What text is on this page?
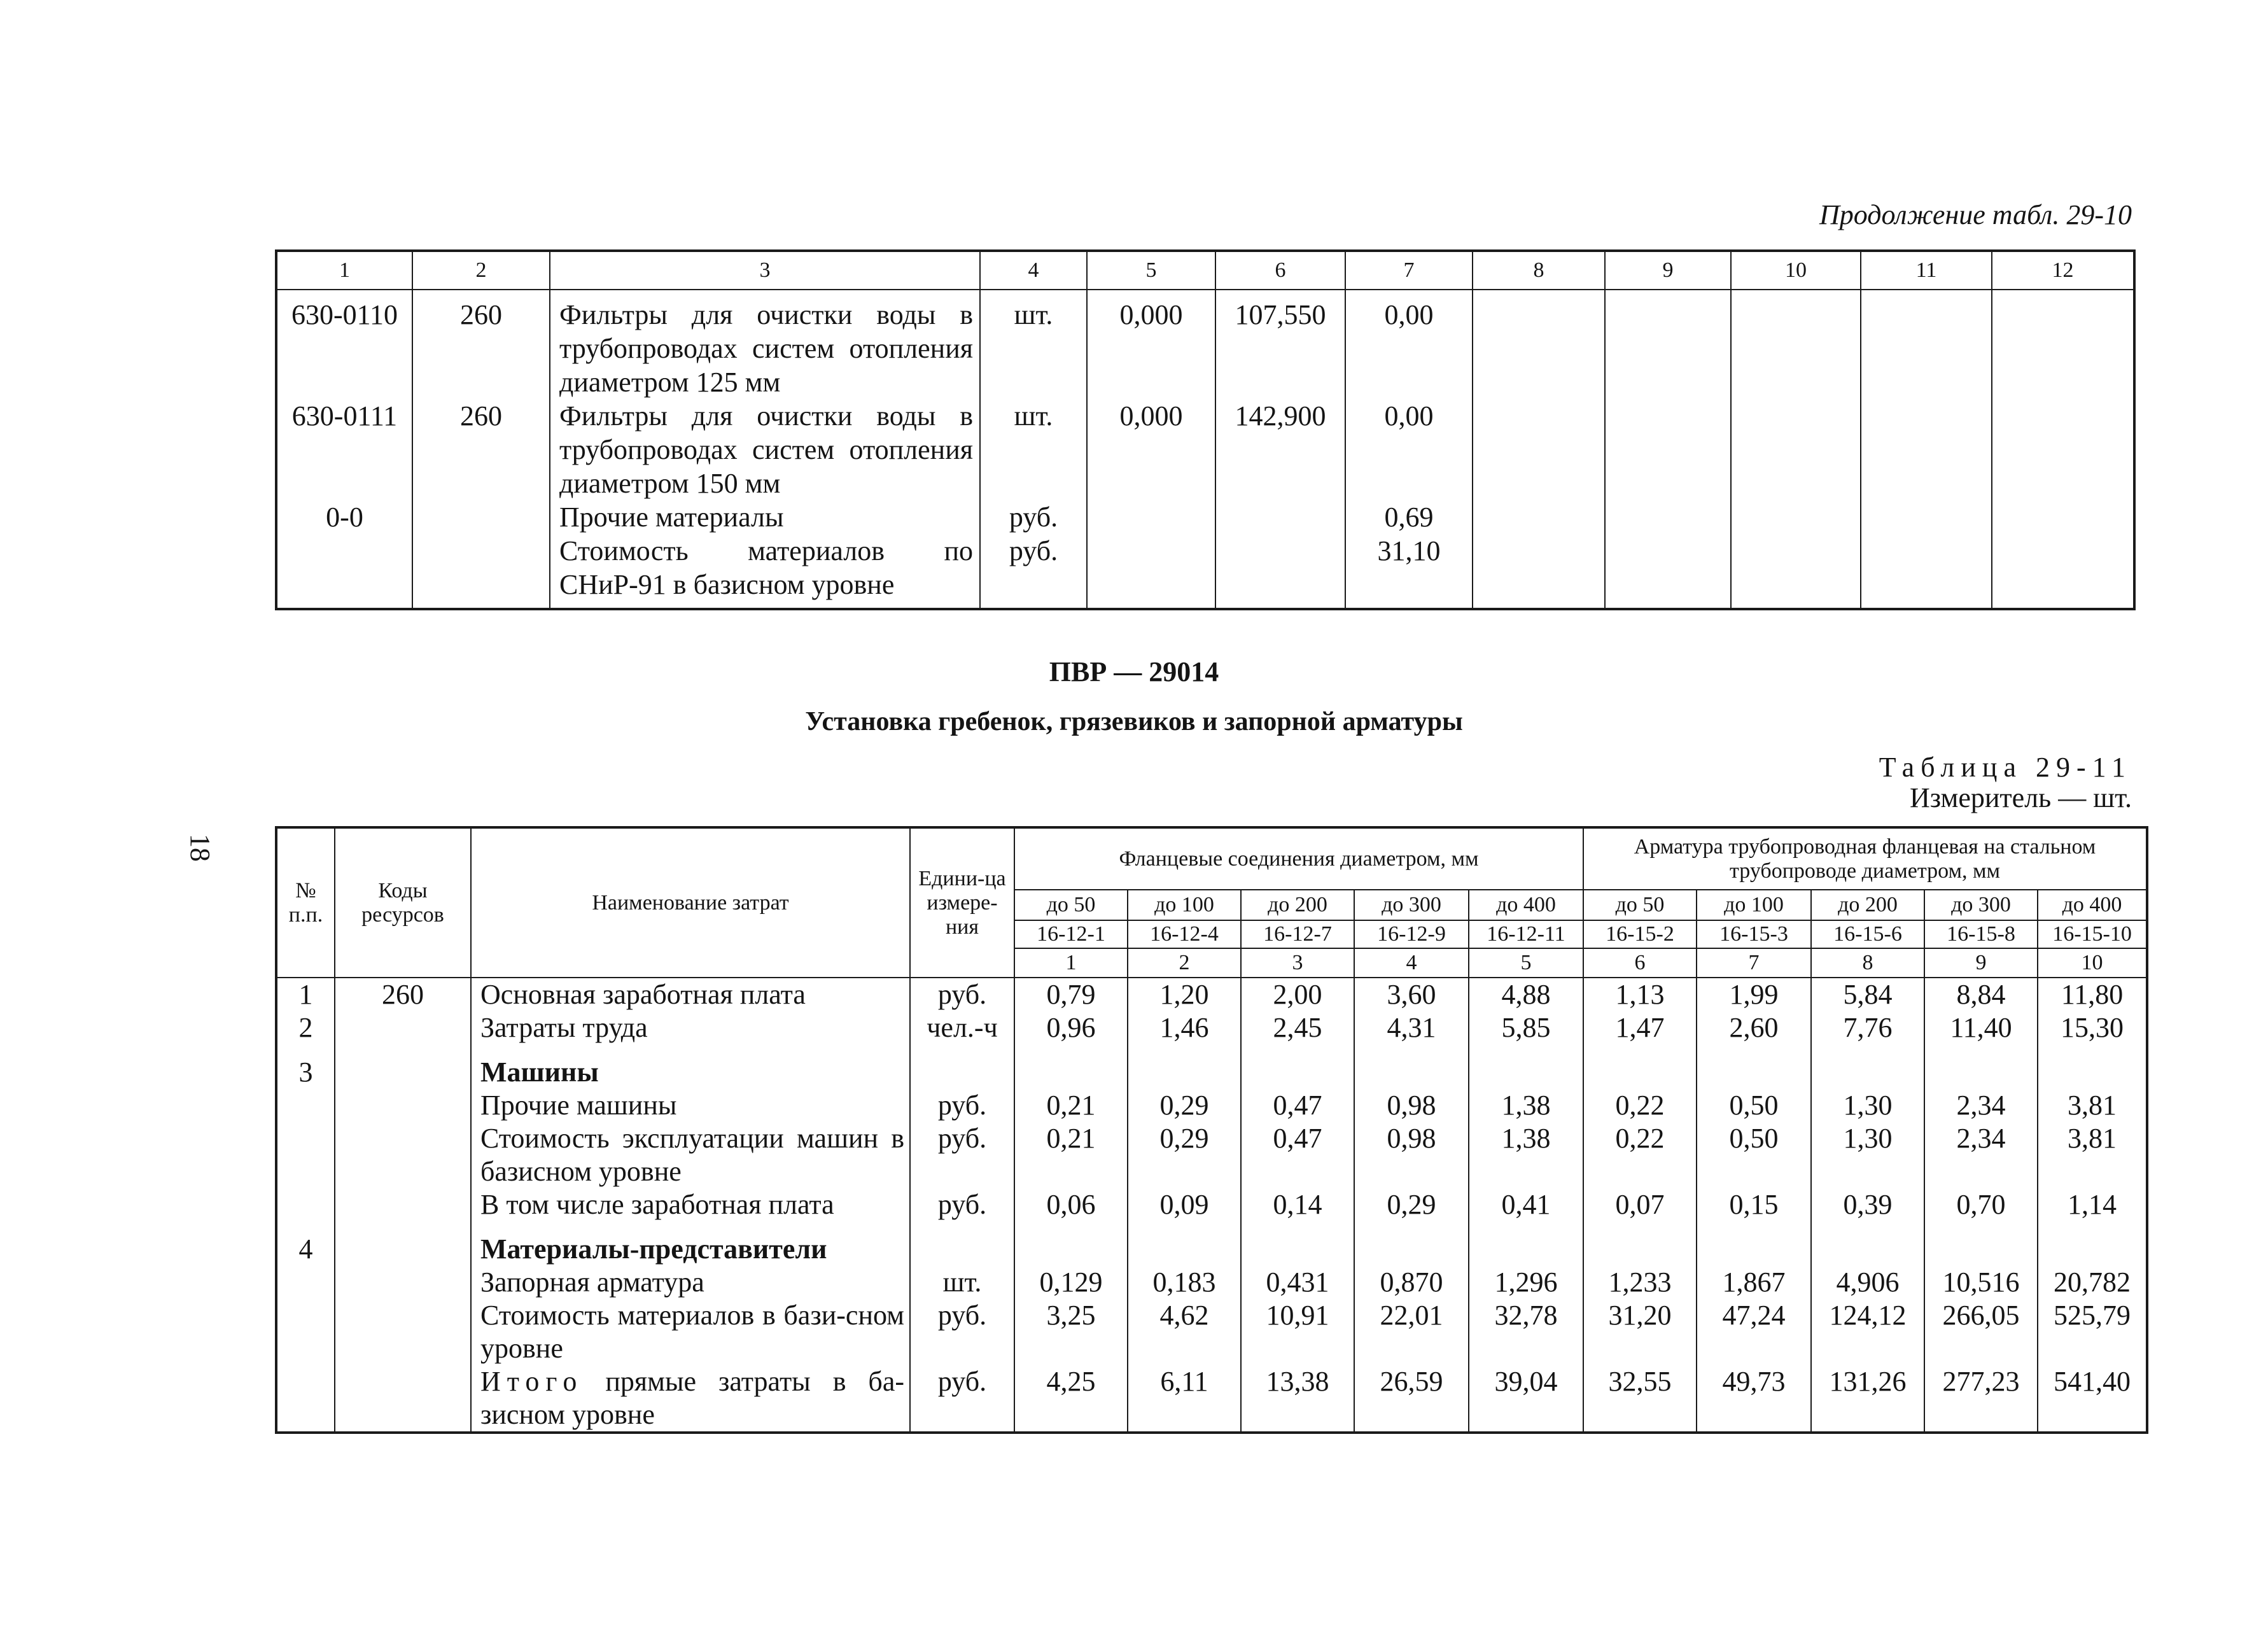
Продолжение табл. 29-10
1	2	3	4	5	6	7	8	9	10	11	12
630-0110	260	Фильтры для очистки воды в трубопроводах систем отопления диаметром 125 мм	шт.	0,000	107,550	0,00					
630-0111	260	Фильтры для очистки воды в трубопроводах систем отопления диаметром 150 мм	шт.	0,000	142,900	0,00					
0-0		Прочие материалы	руб.			0,69					
		Стоимость материалов по СНиР-91 в базисном уровне	руб.			31,10					
ПВР — 29014
Установка гребенок, грязевиков и запорной арматуры
Таблица 29-11
Измеритель — шт.
18
№ п.п.	Коды ресурсов	Наименование затрат	Едини-ца измере-ния	Фланцевые соединения диаметром, мм					Арматура трубопроводная фланцевая на стальном трубопроводе диаметром, мм				
				до 50	до 100	до 200	до 300	до 400	до 50	до 100	до 200	до 300	до 400
				16-12-1	16-12-4	16-12-7	16-12-9	16-12-11	16-15-2	16-15-3	16-15-6	16-15-8	16-15-10
				1	2	3	4	5	6	7	8	9	10
1	260	Основная заработная плата	руб.	0,79	1,20	2,00	3,60	4,88	1,13	1,99	5,84	8,84	11,80
2		Затраты труда	чел.-ч	0,96	1,46	2,45	4,31	5,85	1,47	2,60	7,76	11,40	15,30
3		Машины											
		Прочие машины	руб.	0,21	0,29	0,47	0,98	1,38	0,22	0,50	1,30	2,34	3,81
		Стоимость эксплуатации машин в базисном уровне	руб.	0,21	0,29	0,47	0,98	1,38	0,22	0,50	1,30	2,34	3,81
		В том числе заработная плата	руб.	0,06	0,09	0,14	0,29	0,41	0,07	0,15	0,39	0,70	1,14
4		Материалы-представители											
		Запорная арматура	шт.	0,129	0,183	0,431	0,870	1,296	1,233	1,867	4,906	10,516	20,782
		Стоимость материалов в бази-сном уровне	руб.	3,25	4,62	10,91	22,01	32,78	31,20	47,24	124,12	266,05	525,79
		Итого прямые затраты в ба-зисном уровне	руб.	4,25	6,11	13,38	26,59	39,04	32,55	49,73	131,26	277,23	541,40
